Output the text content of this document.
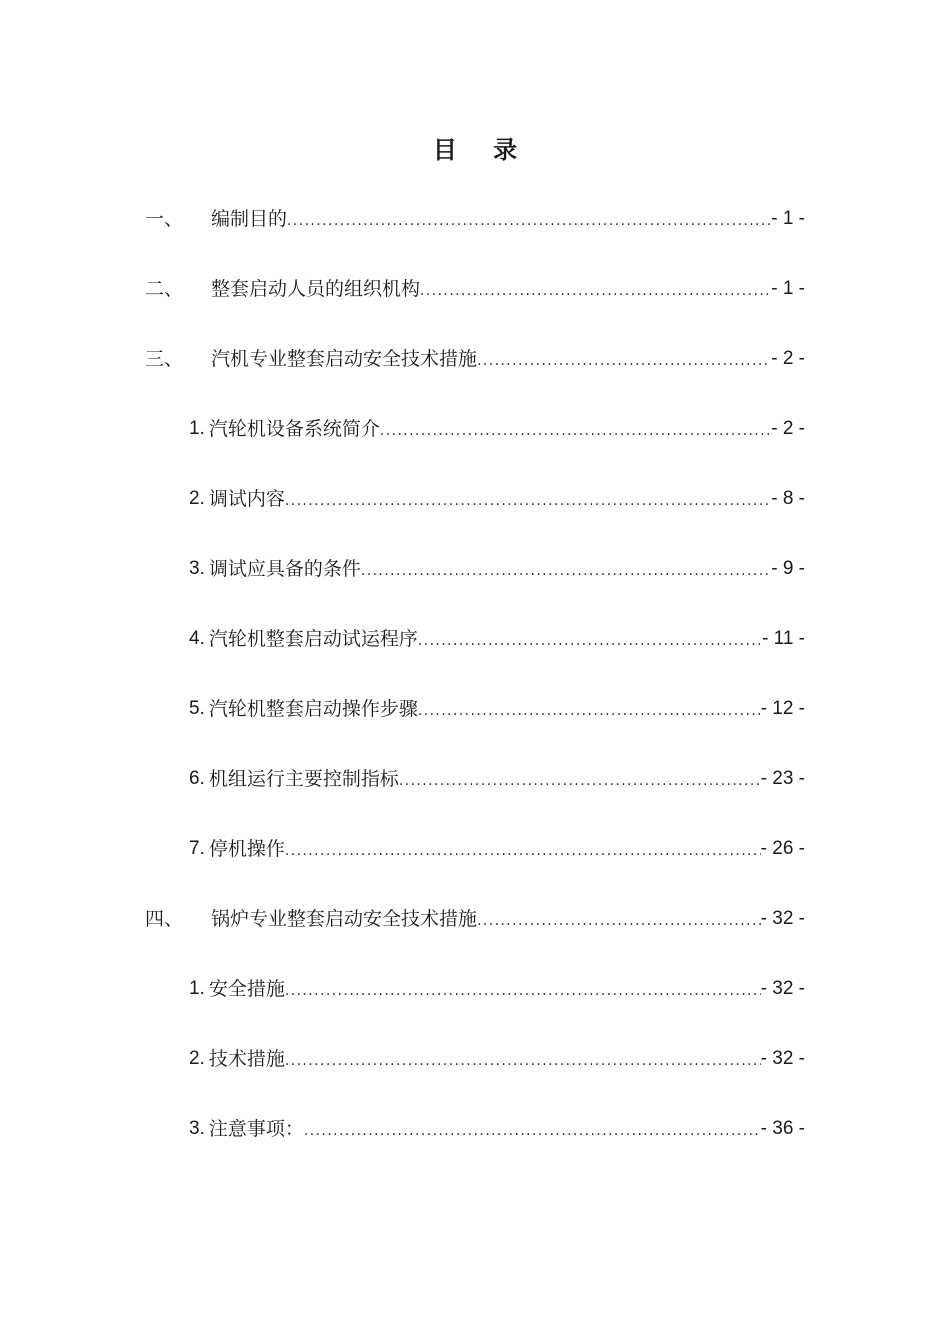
目 录
一、	编制目的 .....	- 1 -
二、	整套启动人员的组织机构 .....	- 1 -
三、	汽机专业整套启动安全技术措施 .....	- 2 -
1. 汽轮机设备系统简介 .....	- 2 -
2. 调试内容 .....	- 8 -
3. 调试应具备的条件 .....	- 9 -
4. 汽轮机整套启动试运程序 .....	- 11 -
5. 汽轮机整套启动操作步骤 .....	- 12 -
6. 机组运行主要控制指标 .....	- 23 -
7. 停机操作 .....	- 26 -
四、	锅炉专业整套启动安全技术措施 .....	- 32 -
1. 安全措施 .....	- 32 -
2. 技术措施 .....	- 32 -
3. 注意事项： .....	- 36 -
